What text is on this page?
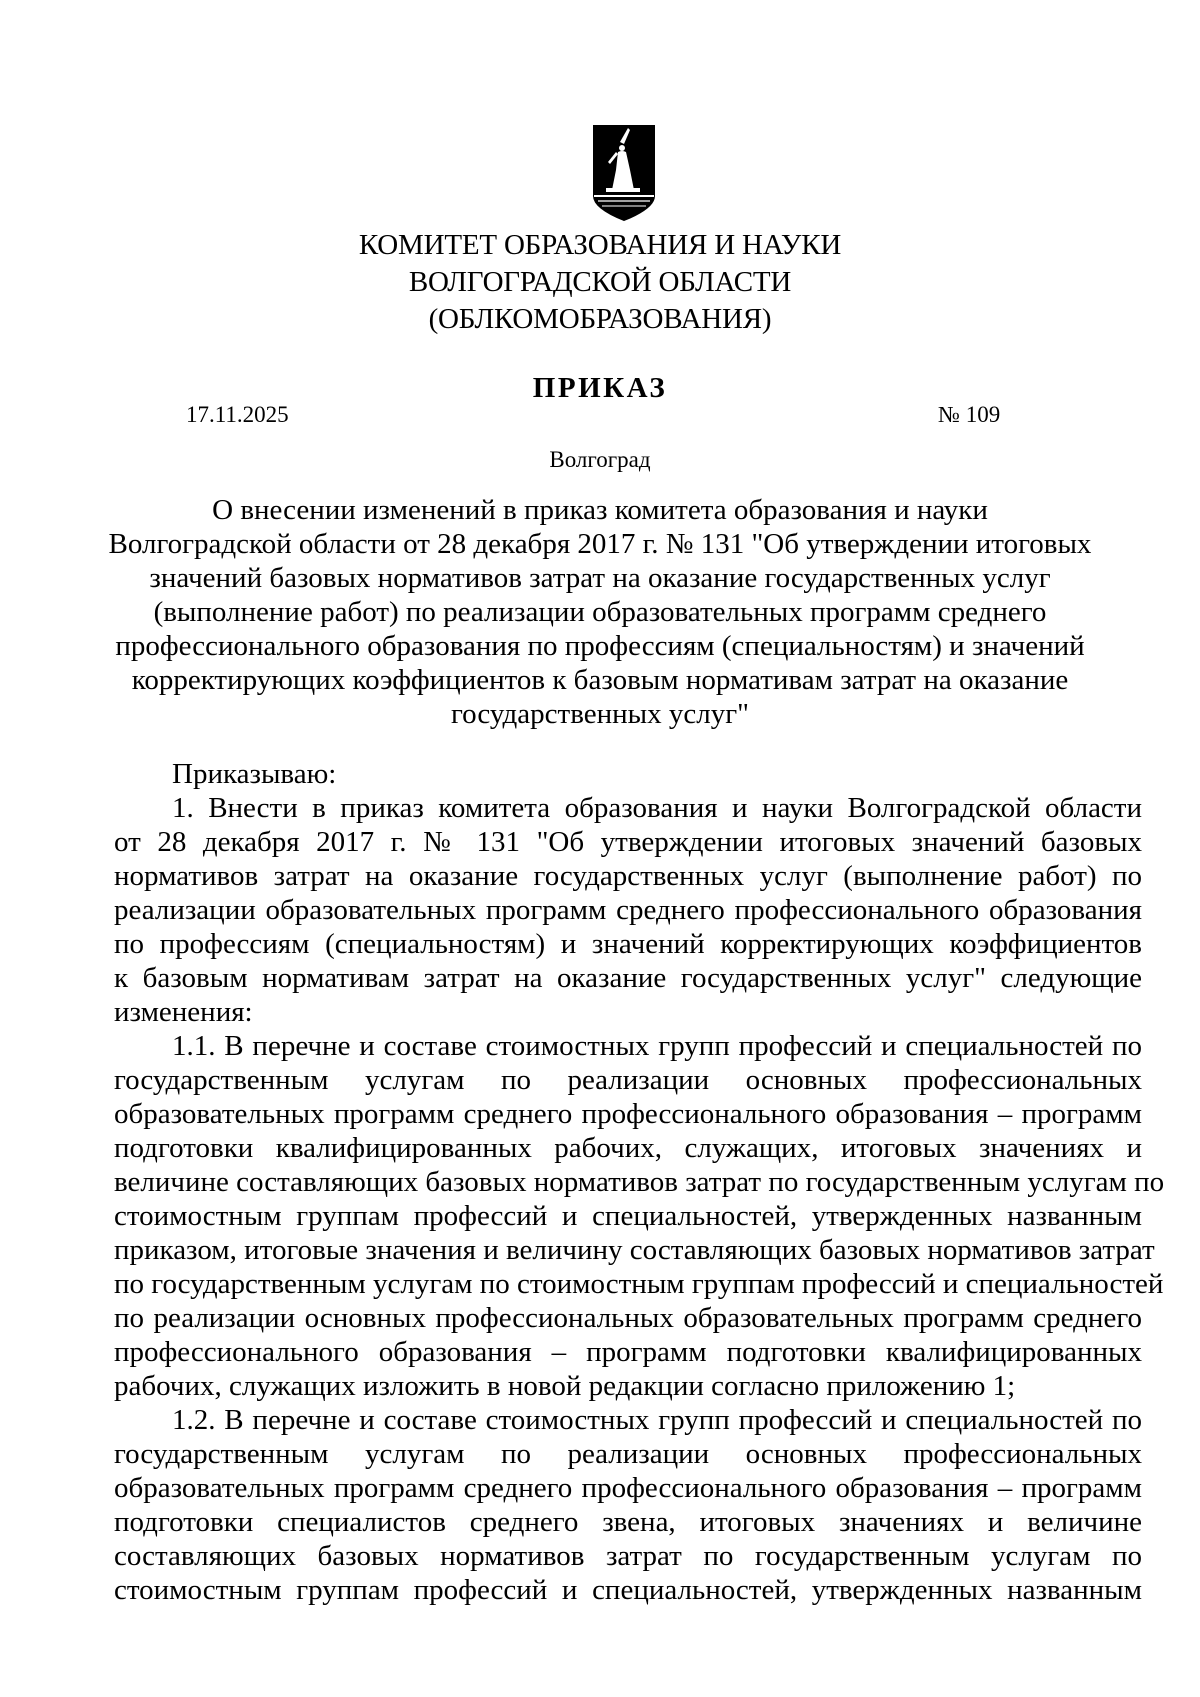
КОМИТЕТ ОБРАЗОВАНИЯ И НАУКИ
ВОЛГОГРАДСКОЙ ОБЛАСТИ
(ОБЛКОМОБРАЗОВАНИЯ)
ПРИКАЗ
17.11.2025	№ 109
Волгоград
О внесении изменений в приказ комитета образования и науки
Волгоградской области от 28 декабря 2017 г. № 131 "Об утверждении итоговых
значений базовых нормативов затрат на оказание государственных услуг
(выполнение работ) по реализации образовательных программ среднего
профессионального образования по профессиям (специальностям) и значений
корректирующих коэффициентов к базовым нормативам затрат на оказание
государственных услуг"
Приказываю:
1. Внести в приказ комитета образования и науки Волгоградской области
от 28 декабря 2017 г. № 131 "Об утверждении итоговых значений базовых
нормативов затрат на оказание государственных услуг (выполнение работ) по
реализации образовательных программ среднего профессионального образования
по профессиям (специальностям) и значений корректирующих коэффициентов
к базовым нормативам затрат на оказание государственных услуг" следующие
изменения:
1.1. В перечне и составе стоимостных групп профессий и специальностей по
государственным услугам по реализации основных профессиональных
образовательных программ среднего профессионального образования – программ
подготовки квалифицированных рабочих, служащих, итоговых значениях и
величине составляющих базовых нормативов затрат по государственным услугам по
стоимостным группам профессий и специальностей, утвержденных названным
приказом, итоговые значения и величину составляющих базовых нормативов затрат
по государственным услугам по стоимостным группам профессий и специальностей
по реализации основных профессиональных образовательных программ среднего
профессионального образования – программ подготовки квалифицированных
рабочих, служащих изложить в новой редакции согласно приложению 1;
1.2. В перечне и составе стоимостных групп профессий и специальностей по
государственным услугам по реализации основных профессиональных
образовательных программ среднего профессионального образования – программ
подготовки специалистов среднего звена, итоговых значениях и величине
составляющих базовых нормативов затрат по государственным услугам по
стоимостным группам профессий и специальностей, утвержденных названным
